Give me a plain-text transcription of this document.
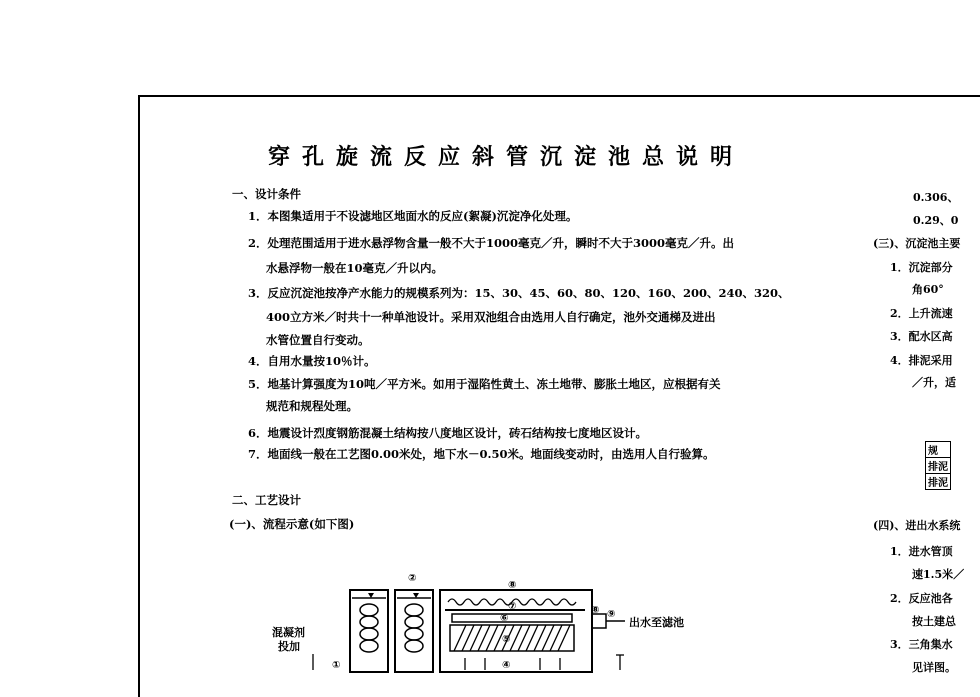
穿孔旋流反应斜管沉淀池总说明
一、设计条件
1．本图集适用于不设滤地区地面水的反应(絮凝)沉淀净化处理。
2．处理范围适用于进水悬浮物含量一般不大于1000毫克／升，瞬时不大于3000毫克／升。出
水悬浮物一般在10毫克／升以内。
3．反应沉淀池按净产水能力的规模系列为：15、30、45、60、80、120、160、200、240、320、
400立方米／时共十一种单池设计。采用双池组合由选用人自行确定，池外交通梯及进出
水管位置自行变动。
4．自用水量按10％计。
5．地基计算强度为10吨／平方米。如用于湿陷性黄土、冻土地带、膨胀土地区，应根据有关
规范和规程处理。
6．地震设计烈度钢筋混凝土结构按八度地区设计，砖石结构按七度地区设计。
7．地面线一般在工艺图0.00米处，地下水－0.50米。地面线变动时，由选用人自行验算。
二、工艺设计
(一)、流程示意(如下图)
0.306、
0.29、0
(三)、沉淀池主要
1．沉淀部分
角60°
2．上升流速
3．配水区高
4．排泥采用
／升，适
规
排泥
排泥
(四)、进出水系统
1．进水管顶
速1.5米／
2．反应池各
按土建总
3．三角集水
见详图。
②
⑧
⑦
⑥
⑤
④
⑨
①
⑧
混凝剂
投加
出水至滤池
